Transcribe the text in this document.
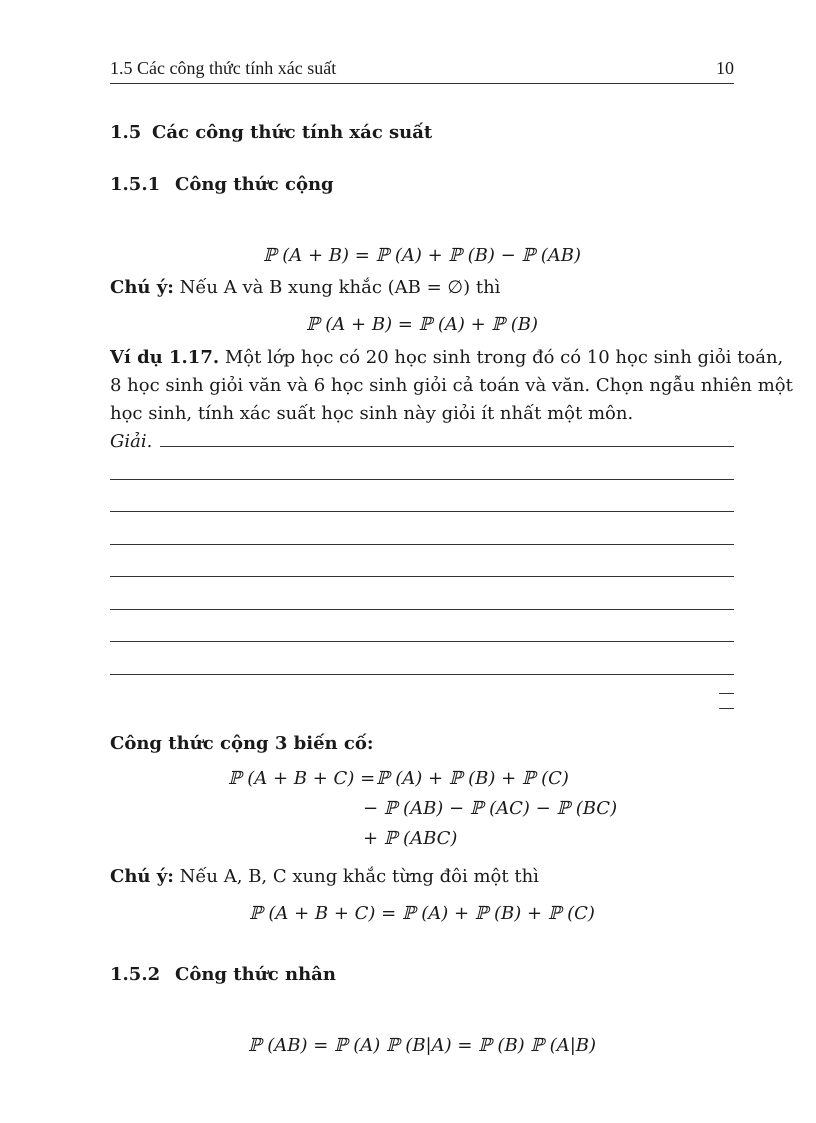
1.5 Các công thức tính xác suất	10
1.5 Các công thức tính xác suất
1.5.1 Công thức cộng
ℙ (A + B) = ℙ (A) + ℙ (B) − ℙ (AB)
Chú ý: Nếu A và B xung khắc (AB = ∅) thì
ℙ (A + B) = ℙ (A) + ℙ (B)
Ví dụ 1.17. Một lớp học có 20 học sinh trong đó có 10 học sinh giỏi toán,
8 học sinh giỏi văn và 6 học sinh giỏi cả toán và văn. Chọn ngẫu nhiên một
học sinh, tính xác suất học sinh này giỏi ít nhất một môn.
Giải.
Công thức cộng 3 biến cố:
ℙ (A + B + C) = ℙ (A) + ℙ (B) + ℙ (C)
− ℙ (AB) − ℙ (AC) − ℙ (BC)
+ ℙ (ABC)
Chú ý: Nếu A, B, C xung khắc từng đôi một thì
ℙ (A + B + C) = ℙ (A) + ℙ (B) + ℙ (C)
1.5.2 Công thức nhân
ℙ (AB) = ℙ (A) ℙ (B|A) = ℙ (B) ℙ (A|B)
